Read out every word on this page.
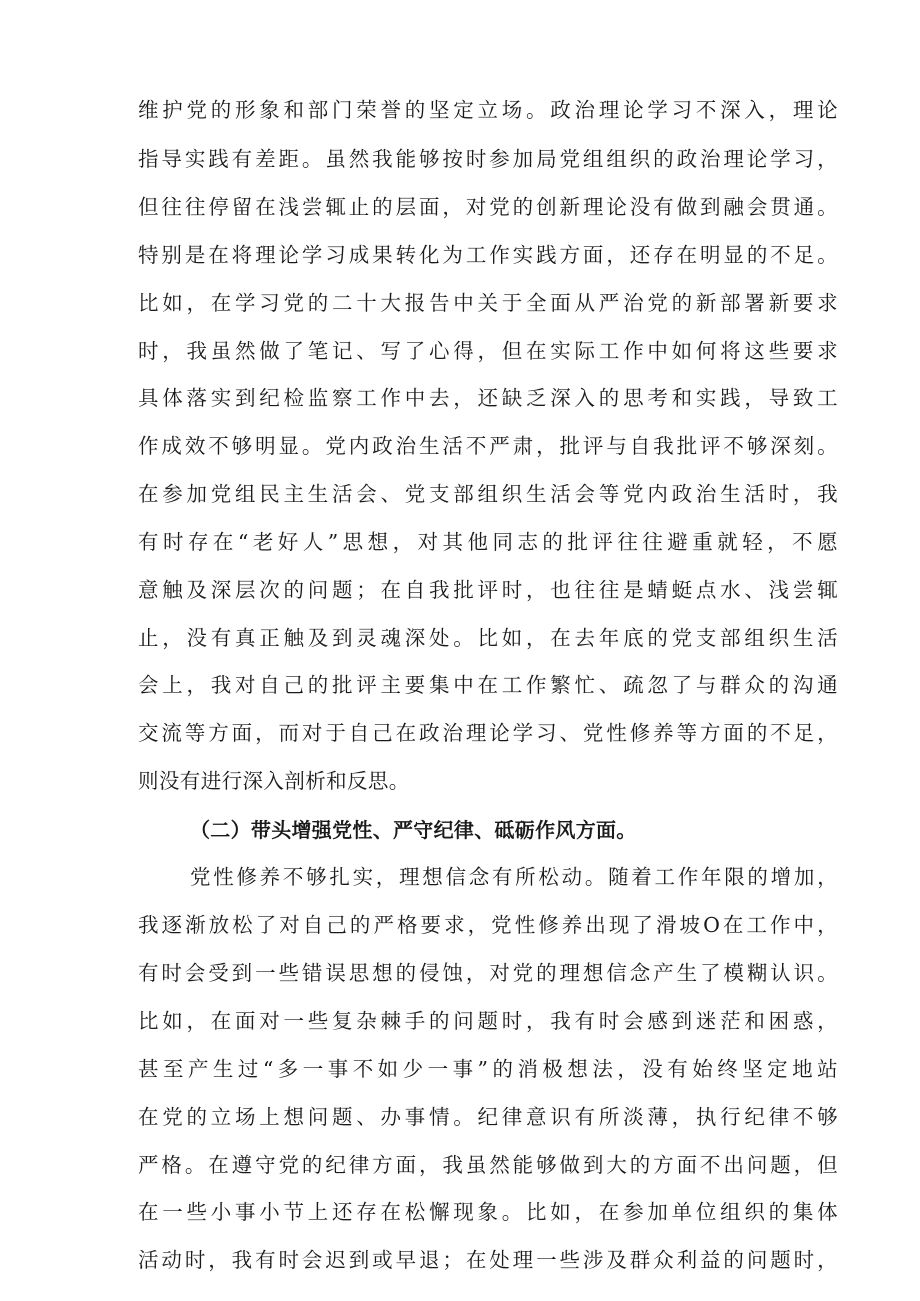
维护党的形象和部门荣誉的坚定立场。政治理论学习不深入，理论
指导实践有差距。虽然我能够按时参加局党组组织的政治理论学习，
但往往停留在浅尝辄止的层面，对党的创新理论没有做到融会贯通。
特别是在将理论学习成果转化为工作实践方面，还存在明显的不足。
比如，在学习党的二十大报告中关于全面从严治党的新部署新要求
时，我虽然做了笔记、写了心得，但在实际工作中如何将这些要求
具体落实到纪检监察工作中去，还缺乏深入的思考和实践，导致工
作成效不够明显。党内政治生活不严肃，批评与自我批评不够深刻。
在参加党组民主生活会、党支部组织生活会等党内政治生活时，我
有时存在“老好人”思想，对其他同志的批评往往避重就轻，不愿
意触及深层次的问题；在自我批评时，也往往是蜻蜓点水、浅尝辄
止，没有真正触及到灵魂深处。比如，在去年底的党支部组织生活
会上，我对自己的批评主要集中在工作繁忙、疏忽了与群众的沟通
交流等方面，而对于自己在政治理论学习、党性修养等方面的不足，
则没有进行深入剖析和反思。
（二）带头增强党性、严守纪律、砥砺作风方面。
党性修养不够扎实，理想信念有所松动。随着工作年限的增加，
我逐渐放松了对自己的严格要求，党性修养出现了滑坡O在工作中，
有时会受到一些错误思想的侵蚀，对党的理想信念产生了模糊认识。
比如，在面对一些复杂棘手的问题时，我有时会感到迷茫和困惑，
甚至产生过“多一事不如少一事”的消极想法，没有始终坚定地站
在党的立场上想问题、办事情。纪律意识有所淡薄，执行纪律不够
严格。在遵守党的纪律方面，我虽然能够做到大的方面不出问题，但
在一些小事小节上还存在松懈现象。比如，在参加单位组织的集体
活动时，我有时会迟到或早退；在处理一些涉及群众利益的问题时，
